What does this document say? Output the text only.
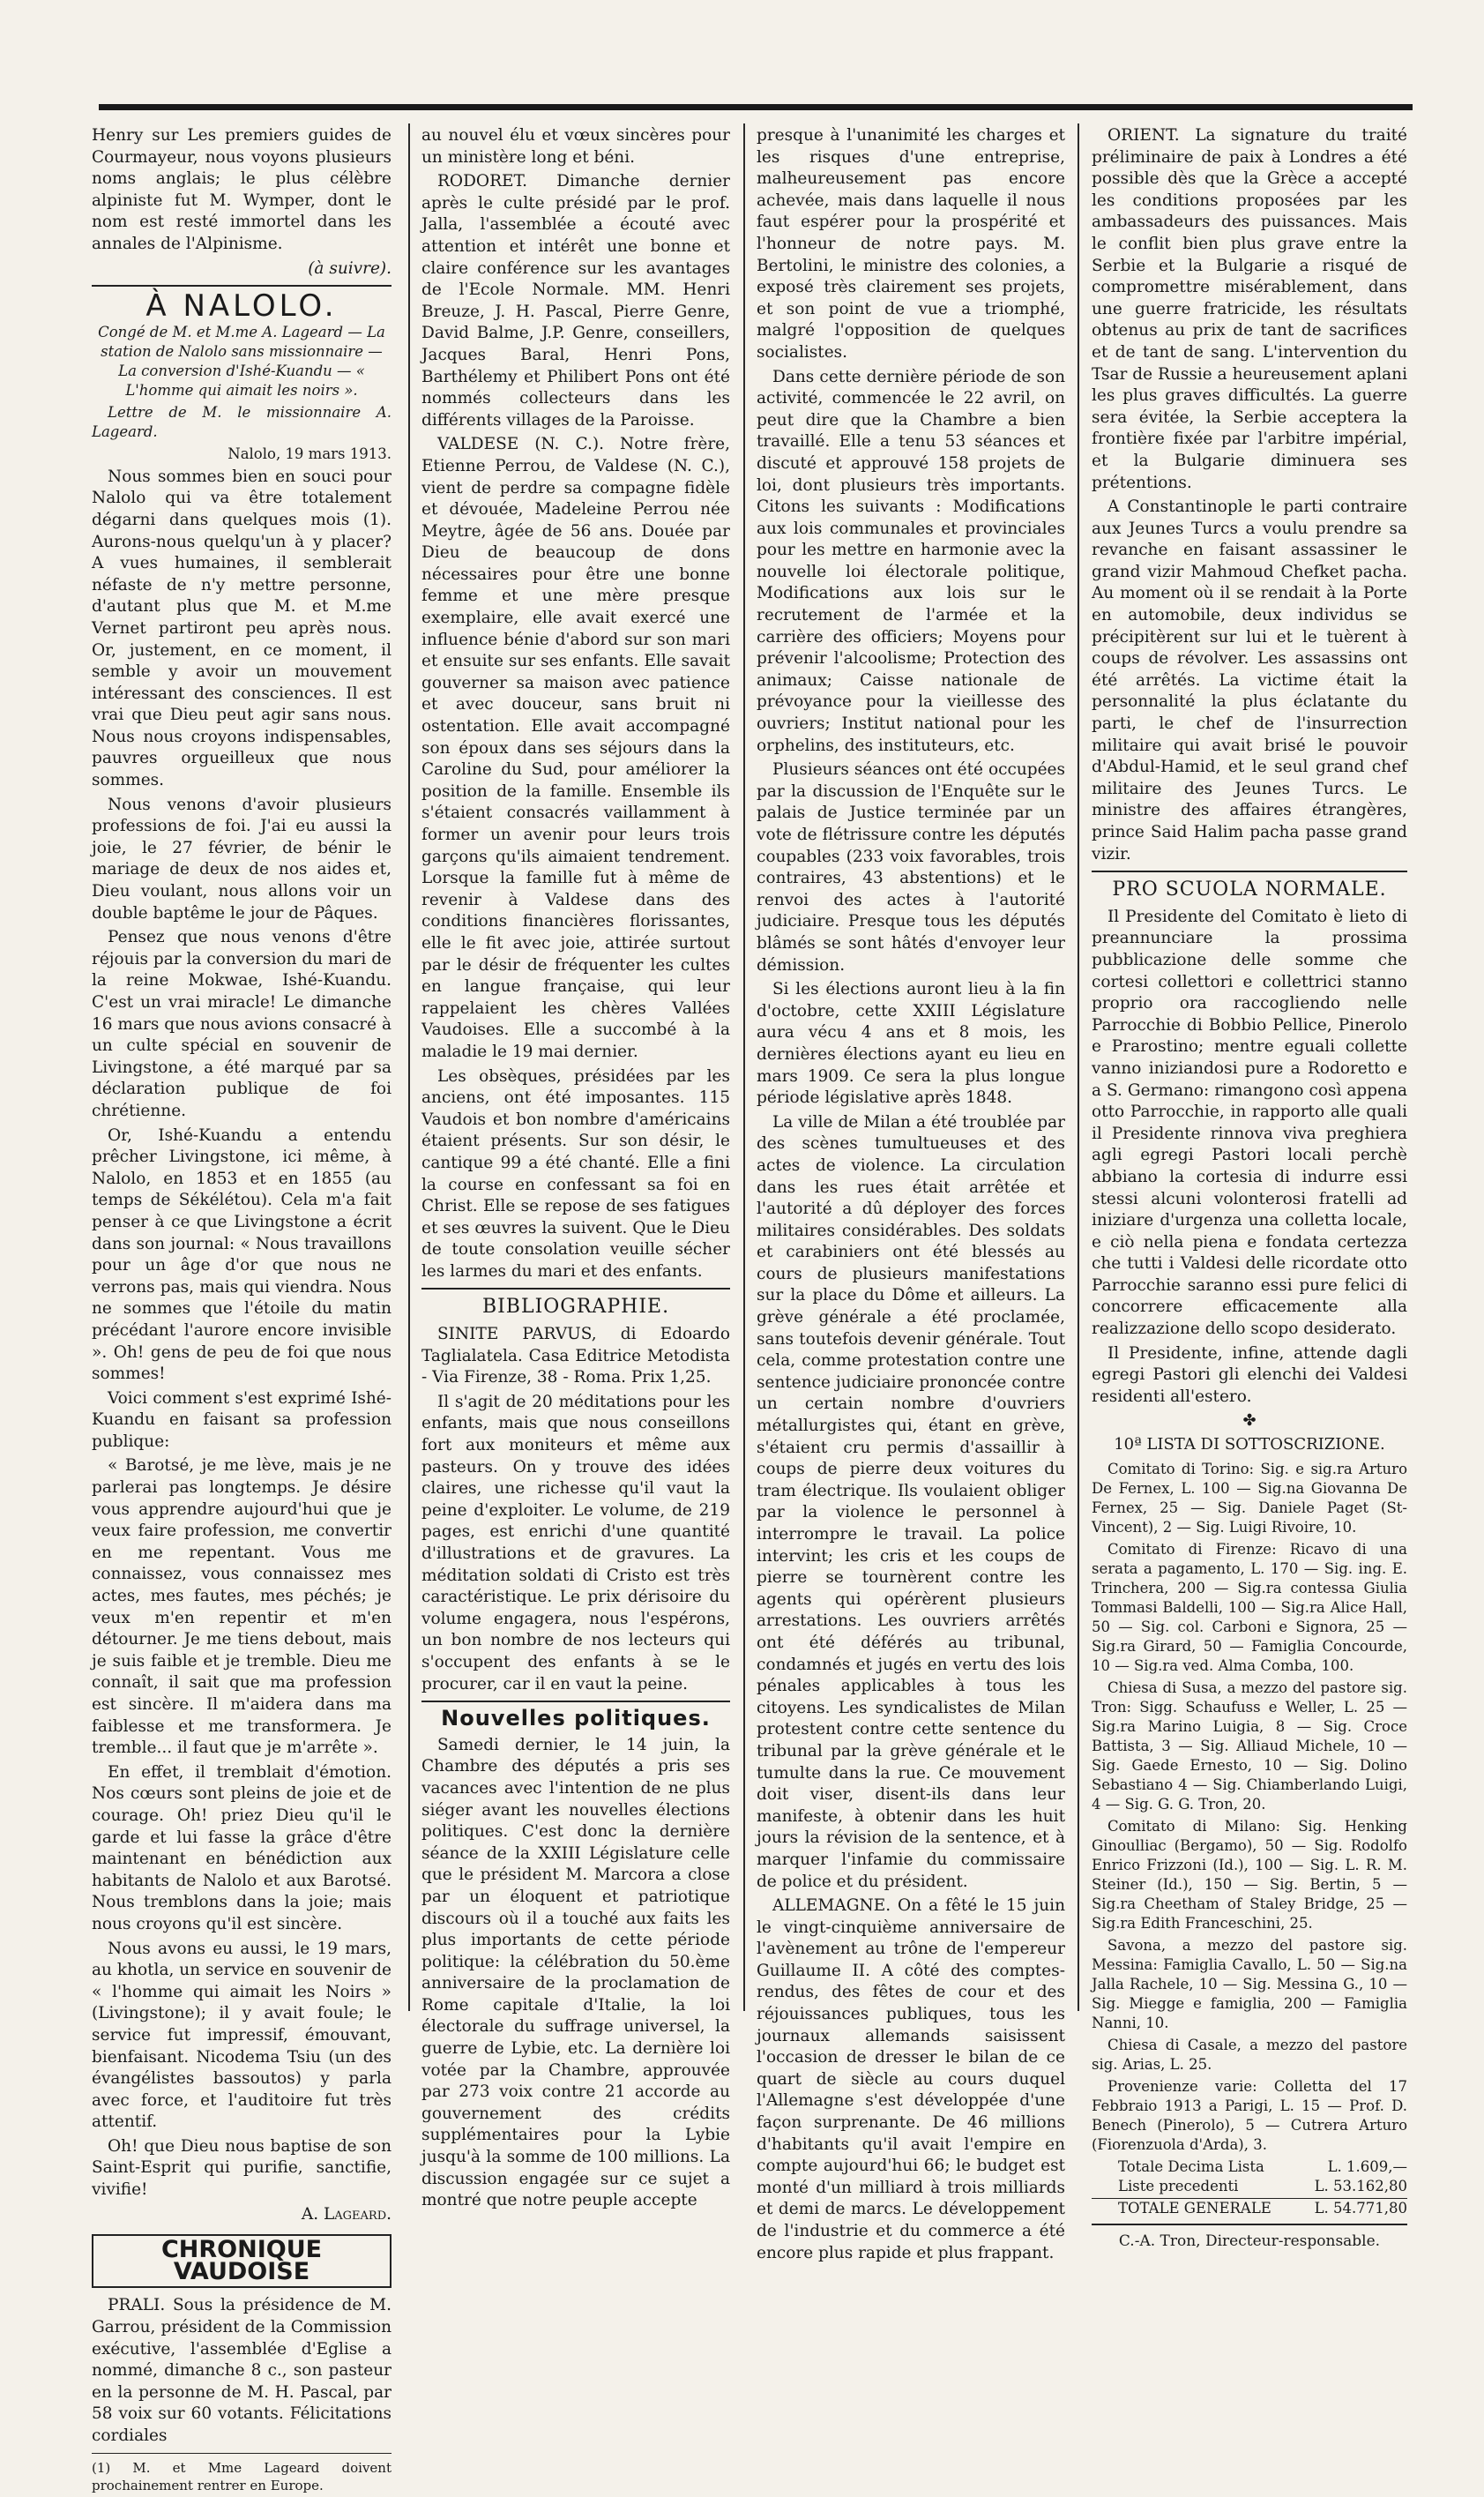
Henry sur Les premiers guides de Courmayeur, nous voyons plusieurs noms anglais; le plus célèbre alpiniste fut M. Wymper, dont le nom est resté immortel dans les annales de l'Alpinisme.

(à suivre).

À NALOLO.

Congé de M. et M.me A. Lageard — La station de Nalolo sans missionnaire — La conversion d'Ishé-Kuandu — « L'homme qui aimait les noirs ».

Lettre de M. le missionnaire A. Lageard.

Nalolo, 19 mars 1913.

Nous sommes bien en souci pour Nalolo qui va être totalement dégarni dans quelques mois (1). Aurons-nous quelqu'un à y placer? A vues humaines, il semblerait néfaste de n'y mettre personne, d'autant plus que M. et M.me Vernet partiront peu après nous. Or, justement, en ce moment, il semble y avoir un mouvement intéressant des consciences. Il est vrai que Dieu peut agir sans nous. Nous nous croyons indispensables, pauvres orgueilleux que nous sommes.

Nous venons d'avoir plusieurs professions de foi. J'ai eu aussi la joie, le 27 février, de bénir le mariage de deux de nos aides et, Dieu voulant, nous allons voir un double baptême le jour de Pâques.

Pensez que nous venons d'être réjouis par la conversion du mari de la reine Mokwae, Ishé-Kuandu. C'est un vrai miracle! Le dimanche 16 mars que nous avions consacré à un culte spécial en souvenir de Livingstone, a été marqué par sa déclaration publique de foi chrétienne.

Or, Ishé-Kuandu a entendu prêcher Livingstone, ici même, à Nalolo, en 1853 et en 1855 (au temps de Sékélétou). Cela m'a fait penser à ce que Livingstone a écrit dans son journal: « Nous travaillons pour un âge d'or que nous ne verrons pas, mais qui viendra. Nous ne sommes que l'étoile du matin précédant l'aurore encore invisible ». Oh! gens de peu de foi que nous sommes!

Voici comment s'est exprimé Ishé-Kuandu en faisant sa profession publique:

« Barotsé, je me lève, mais je ne parlerai pas longtemps. Je désire vous apprendre aujourd'hui que je veux faire profession, me convertir en me repentant. Vous me connaissez, vous connaissez mes actes, mes fautes, mes péchés; je veux m'en repentir et m'en détourner. Je me tiens debout, mais je suis faible et je tremble. Dieu me connaît, il sait que ma profession est sincère. Il m'aidera dans ma faiblesse et me transformera. Je tremble... il faut que je m'arrête ».

En effet, il tremblait d'émotion. Nos cœurs sont pleins de joie et de courage. Oh! priez Dieu qu'il le garde et lui fasse la grâce d'être maintenant en bénédiction aux habitants de Nalolo et aux Barotsé. Nous tremblons dans la joie; mais nous croyons qu'il est sincère.

Nous avons eu aussi, le 19 mars, au khotla, un service en souvenir de « l'homme qui aimait les Noirs » (Livingstone); il y avait foule; le service fut impressif, émouvant, bienfaisant. Nicodema Tsiu (un des évangélistes bassoutos) y parla avec force, et l'auditoire fut très attentif.

Oh! que Dieu nous baptise de son Saint-Esprit qui purifie, sanctifie, vivifie!

A. Lageard.

CHRONIQUE VAUDOISE

PRALI. Sous la présidence de M. Garrou, président de la Commission exécutive, l'assemblée d'Eglise a nommé, dimanche 8 c., son pasteur en la personne de M. H. Pascal, par 58 voix sur 60 votants. Félicitations cordiales

(1) M. et Mme Lageard doivent prochainement rentrer en Europe.

au nouvel élu et vœux sincères pour un ministère long et béni.

RODORET. Dimanche dernier après le culte présidé par le prof. Jalla, l'assemblée a écouté avec attention et intérêt une bonne et claire conférence sur les avantages de l'Ecole Normale. MM. Henri Breuze, J. H. Pascal, Pierre Genre, David Balme, J.P. Genre, conseillers, Jacques Baral, Henri Pons, Barthélemy et Philibert Pons ont été nommés collecteurs dans les différents villages de la Paroisse.

VALDESE (N. C.). Notre frère, Etienne Perrou, de Valdese (N. C.), vient de perdre sa compagne fidèle et dévouée, Madeleine Perrou née Meytre, âgée de 56 ans. Douée par Dieu de beaucoup de dons nécessaires pour être une bonne femme et une mère presque exemplaire, elle avait exercé une influence bénie d'abord sur son mari et ensuite sur ses enfants. Elle savait gouverner sa maison avec patience et avec douceur, sans bruit ni ostentation. Elle avait accompagné son époux dans ses séjours dans la Caroline du Sud, pour améliorer la position de la famille. Ensemble ils s'étaient consacrés vaillamment à former un avenir pour leurs trois garçons qu'ils aimaient tendrement. Lorsque la famille fut à même de revenir à Valdese dans des conditions financières florissantes, elle le fit avec joie, attirée surtout par le désir de fréquenter les cultes en langue française, qui leur rappelaient les chères Vallées Vaudoises. Elle a succombé à la maladie le 19 mai dernier.

Les obsèques, présidées par les anciens, ont été imposantes. 115 Vaudois et bon nombre d'américains étaient présents. Sur son désir, le cantique 99 a été chanté. Elle a fini la course en confessant sa foi en Christ. Elle se repose de ses fatigues et ses œuvres la suivent. Que le Dieu de toute consolation veuille sécher les larmes du mari et des enfants.

BIBLIOGRAPHIE.

SINITE PARVUS, di Edoardo Taglialatela. Casa Editrice Metodista - Via Firenze, 38 - Roma. Prix 1,25.

Il s'agit de 20 méditations pour les enfants, mais que nous conseillons fort aux moniteurs et même aux pasteurs. On y trouve des idées claires, une richesse qu'il vaut la peine d'exploiter. Le volume, de 219 pages, est enrichi d'une quantité d'illustrations et de gravures. La méditation soldati di Cristo est très caractéristique. Le prix dérisoire du volume engagera, nous l'espérons, un bon nombre de nos lecteurs qui s'occupent des enfants à se le procurer, car il en vaut la peine.

Nouvelles politiques.

Samedi dernier, le 14 juin, la Chambre des députés a pris ses vacances avec l'intention de ne plus siéger avant les nouvelles élections politiques. C'est donc la dernière séance de la XXIII Législature celle que le président M. Marcora a close par un éloquent et patriotique discours où il a touché aux faits les plus importants de cette période politique: la célébration du 50.ème anniversaire de la proclamation de Rome capitale d'Italie, la loi électorale du suffrage universel, la guerre de Lybie, etc. La dernière loi votée par la Chambre, approuvée par 273 voix contre 21 accorde au gouvernement des crédits supplémentaires pour la Lybie jusqu'à la somme de 100 millions. La discussion engagée sur ce sujet a montré que notre peuple accepte

presque à l'unanimité les charges et les risques d'une entreprise, malheureusement pas encore achevée, mais dans laquelle il nous faut espérer pour la prospérité et l'honneur de notre pays. M. Bertolini, le ministre des colonies, a exposé très clairement ses projets, et son point de vue a triomphé, malgré l'opposition de quelques socialistes.

Dans cette dernière période de son activité, commencée le 22 avril, on peut dire que la Chambre a bien travaillé. Elle a tenu 53 séances et discuté et approuvé 158 projets de loi, dont plusieurs très importants. Citons les suivants : Modifications aux lois communales et provinciales pour les mettre en harmonie avec la nouvelle loi électorale politique, Modifications aux lois sur le recrutement de l'armée et la carrière des officiers; Moyens pour prévenir l'alcoolisme; Protection des animaux; Caisse nationale de prévoyance pour la vieillesse des ouvriers; Institut national pour les orphelins, des instituteurs, etc.

Plusieurs séances ont été occupées par la discussion de l'Enquête sur le palais de Justice terminée par un vote de flétrissure contre les députés coupables (233 voix favorables, trois contraires, 43 abstentions) et le renvoi des actes à l'autorité judiciaire. Presque tous les députés blâmés se sont hâtés d'envoyer leur démission.

Si les élections auront lieu à la fin d'octobre, cette XXIII Législature aura vécu 4 ans et 8 mois, les dernières élections ayant eu lieu en mars 1909. Ce sera la plus longue période législative après 1848.

La ville de Milan a été troublée par des scènes tumultueuses et des actes de violence. La circulation dans les rues était arrêtée et l'autorité a dû déployer des forces militaires considérables. Des soldats et carabiniers ont été blessés au cours de plusieurs manifestations sur la place du Dôme et ailleurs. La grève générale a été proclamée, sans toutefois devenir générale. Tout cela, comme protestation contre une sentence judiciaire prononcée contre un certain nombre d'ouvriers métallurgistes qui, étant en grève, s'étaient cru permis d'assaillir à coups de pierre deux voitures du tram électrique. Ils voulaient obliger par la violence le personnel à interrompre le travail. La police intervint; les cris et les coups de pierre se tournèrent contre les agents qui opérèrent plusieurs arrestations. Les ouvriers arrêtés ont été déférés au tribunal, condamnés et jugés en vertu des lois pénales applicables à tous les citoyens. Les syndicalistes de Milan protestent contre cette sentence du tribunal par la grève générale et le tumulte dans la rue. Ce mouvement doit viser, disent-ils dans leur manifeste, à obtenir dans les huit jours la révision de la sentence, et à marquer l'infamie du commissaire de police et du président.

ALLEMAGNE. On a fêté le 15 juin le vingt-cinquième anniversaire de l'avènement au trône de l'empereur Guillaume II. A côté des comptes-rendus, des fêtes de cour et des réjouissances publiques, tous les journaux allemands saisissent l'occasion de dresser le bilan de ce quart de siècle au cours duquel l'Allemagne s'est développée d'une façon surprenante. De 46 millions d'habitants qu'il avait l'empire en compte aujourd'hui 66; le budget est monté d'un milliard à trois milliards et demi de marcs. Le développement de l'industrie et du commerce a été encore plus rapide et plus frappant.

ORIENT. La signature du traité préliminaire de paix à Londres a été possible dès que la Grèce a accepté les conditions proposées par les ambassadeurs des puissances. Mais le conflit bien plus grave entre la Serbie et la Bulgarie a risqué de compromettre misérablement, dans une guerre fratricide, les résultats obtenus au prix de tant de sacrifices et de tant de sang. L'intervention du Tsar de Russie a heureusement aplani les plus graves difficultés. La guerre sera évitée, la Serbie acceptera la frontière fixée par l'arbitre impérial, et la Bulgarie diminuera ses prétentions.

A Constantinople le parti contraire aux Jeunes Turcs a voulu prendre sa revanche en faisant assassiner le grand vizir Mahmoud Chefket pacha. Au moment où il se rendait à la Porte en automobile, deux individus se précipitèrent sur lui et le tuèrent à coups de révolver. Les assassins ont été arrêtés. La victime était la personnalité la plus éclatante du parti, le chef de l'insurrection militaire qui avait brisé le pouvoir d'Abdul-Hamid, et le seul grand chef militaire des Jeunes Turcs. Le ministre des affaires étrangères, prince Said Halim pacha passe grand vizir.

PRO SCUOLA NORMALE.

Il Presidente del Comitato è lieto di preannunciare la prossima pubblicazione delle somme che cortesi collettori e collettrici stanno proprio ora raccogliendo nelle Parrocchie di Bobbio Pellice, Pinerolo e Prarostino; mentre eguali collette vanno iniziandosi pure a Rodoretto e a S. Germano: rimangono così appena otto Parrocchie, in rapporto alle quali il Presidente rinnova viva preghiera agli egregi Pastori locali perchè abbiano la cortesia di indurre essi stessi alcuni volonterosi fratelli ad iniziare d'urgenza una colletta locale, e ciò nella piena e fondata certezza che tutti i Valdesi delle ricordate otto Parrocchie saranno essi pure felici di concorrere efficacemente alla realizzazione dello scopo desiderato.

Il Presidente, infine, attende dagli egregi Pastori gli elenchi dei Valdesi residenti all'estero.

✤
10ª LISTA DI SOTTOSCRIZIONE.

Comitato di Torino: Sig. e sig.ra Arturo De Fernex, L. 100 — Sig.na Giovanna De Fernex, 25 — Sig. Daniele Paget (St-Vincent), 2 — Sig. Luigi Rivoire, 10.

Comitato di Firenze: Ricavo di una serata a pagamento, L. 170 — Sig. ing. E. Trinchera, 200 — Sig.ra contessa Giulia Tommasi Baldelli, 100 — Sig.ra Alice Hall, 50 — Sig. col. Carboni e Signora, 25 — Sig.ra Girard, 50 — Famiglia Concourde, 10 — Sig.ra ved. Alma Comba, 100.

Chiesa di Susa, a mezzo del pastore sig. Tron: Sigg. Schaufuss e Weller, L. 25 — Sig.ra Marino Luigia, 8 — Sig. Croce Battista, 3 — Sig. Alliaud Michele, 10 — Sig. Gaede Ernesto, 10 — Sig. Dolino Sebastiano 4 — Sig. Chiamberlando Luigi, 4 — Sig. G. G. Tron, 20.

Comitato di Milano: Sig. Henking Ginoulliac (Bergamo), 50 — Sig. Rodolfo Enrico Frizzoni (Id.), 100 — Sig. L. R. M. Steiner (Id.), 150 — Sig. Bertin, 5 — Sig.ra Cheetham of Staley Bridge, 25 — Sig.ra Edith Franceschini, 25.

Savona, a mezzo del pastore sig. Messina: Famiglia Cavallo, L. 50 — Sig.na Jalla Rachele, 10 — Sig. Messina G., 10 — Sig. Miegge e famiglia, 200 — Famiglia Nanni, 10.

Chiesa di Casale, a mezzo del pastore sig. Arias, L. 25.

Provenienze varie: Colletta del 17 Febbraio 1913 a Parigi, L. 15 — Prof. D. Benech (Pinerolo), 5 — Cutrera Arturo (Fiorenzuola d'Arda), 3.

Totale Decima Lista	L. 1.609,—
Liste precedenti	L. 53.162,80
TOTALE GENERALE	L. 54.771,80
C.-A. Tron, Directeur-responsable.
